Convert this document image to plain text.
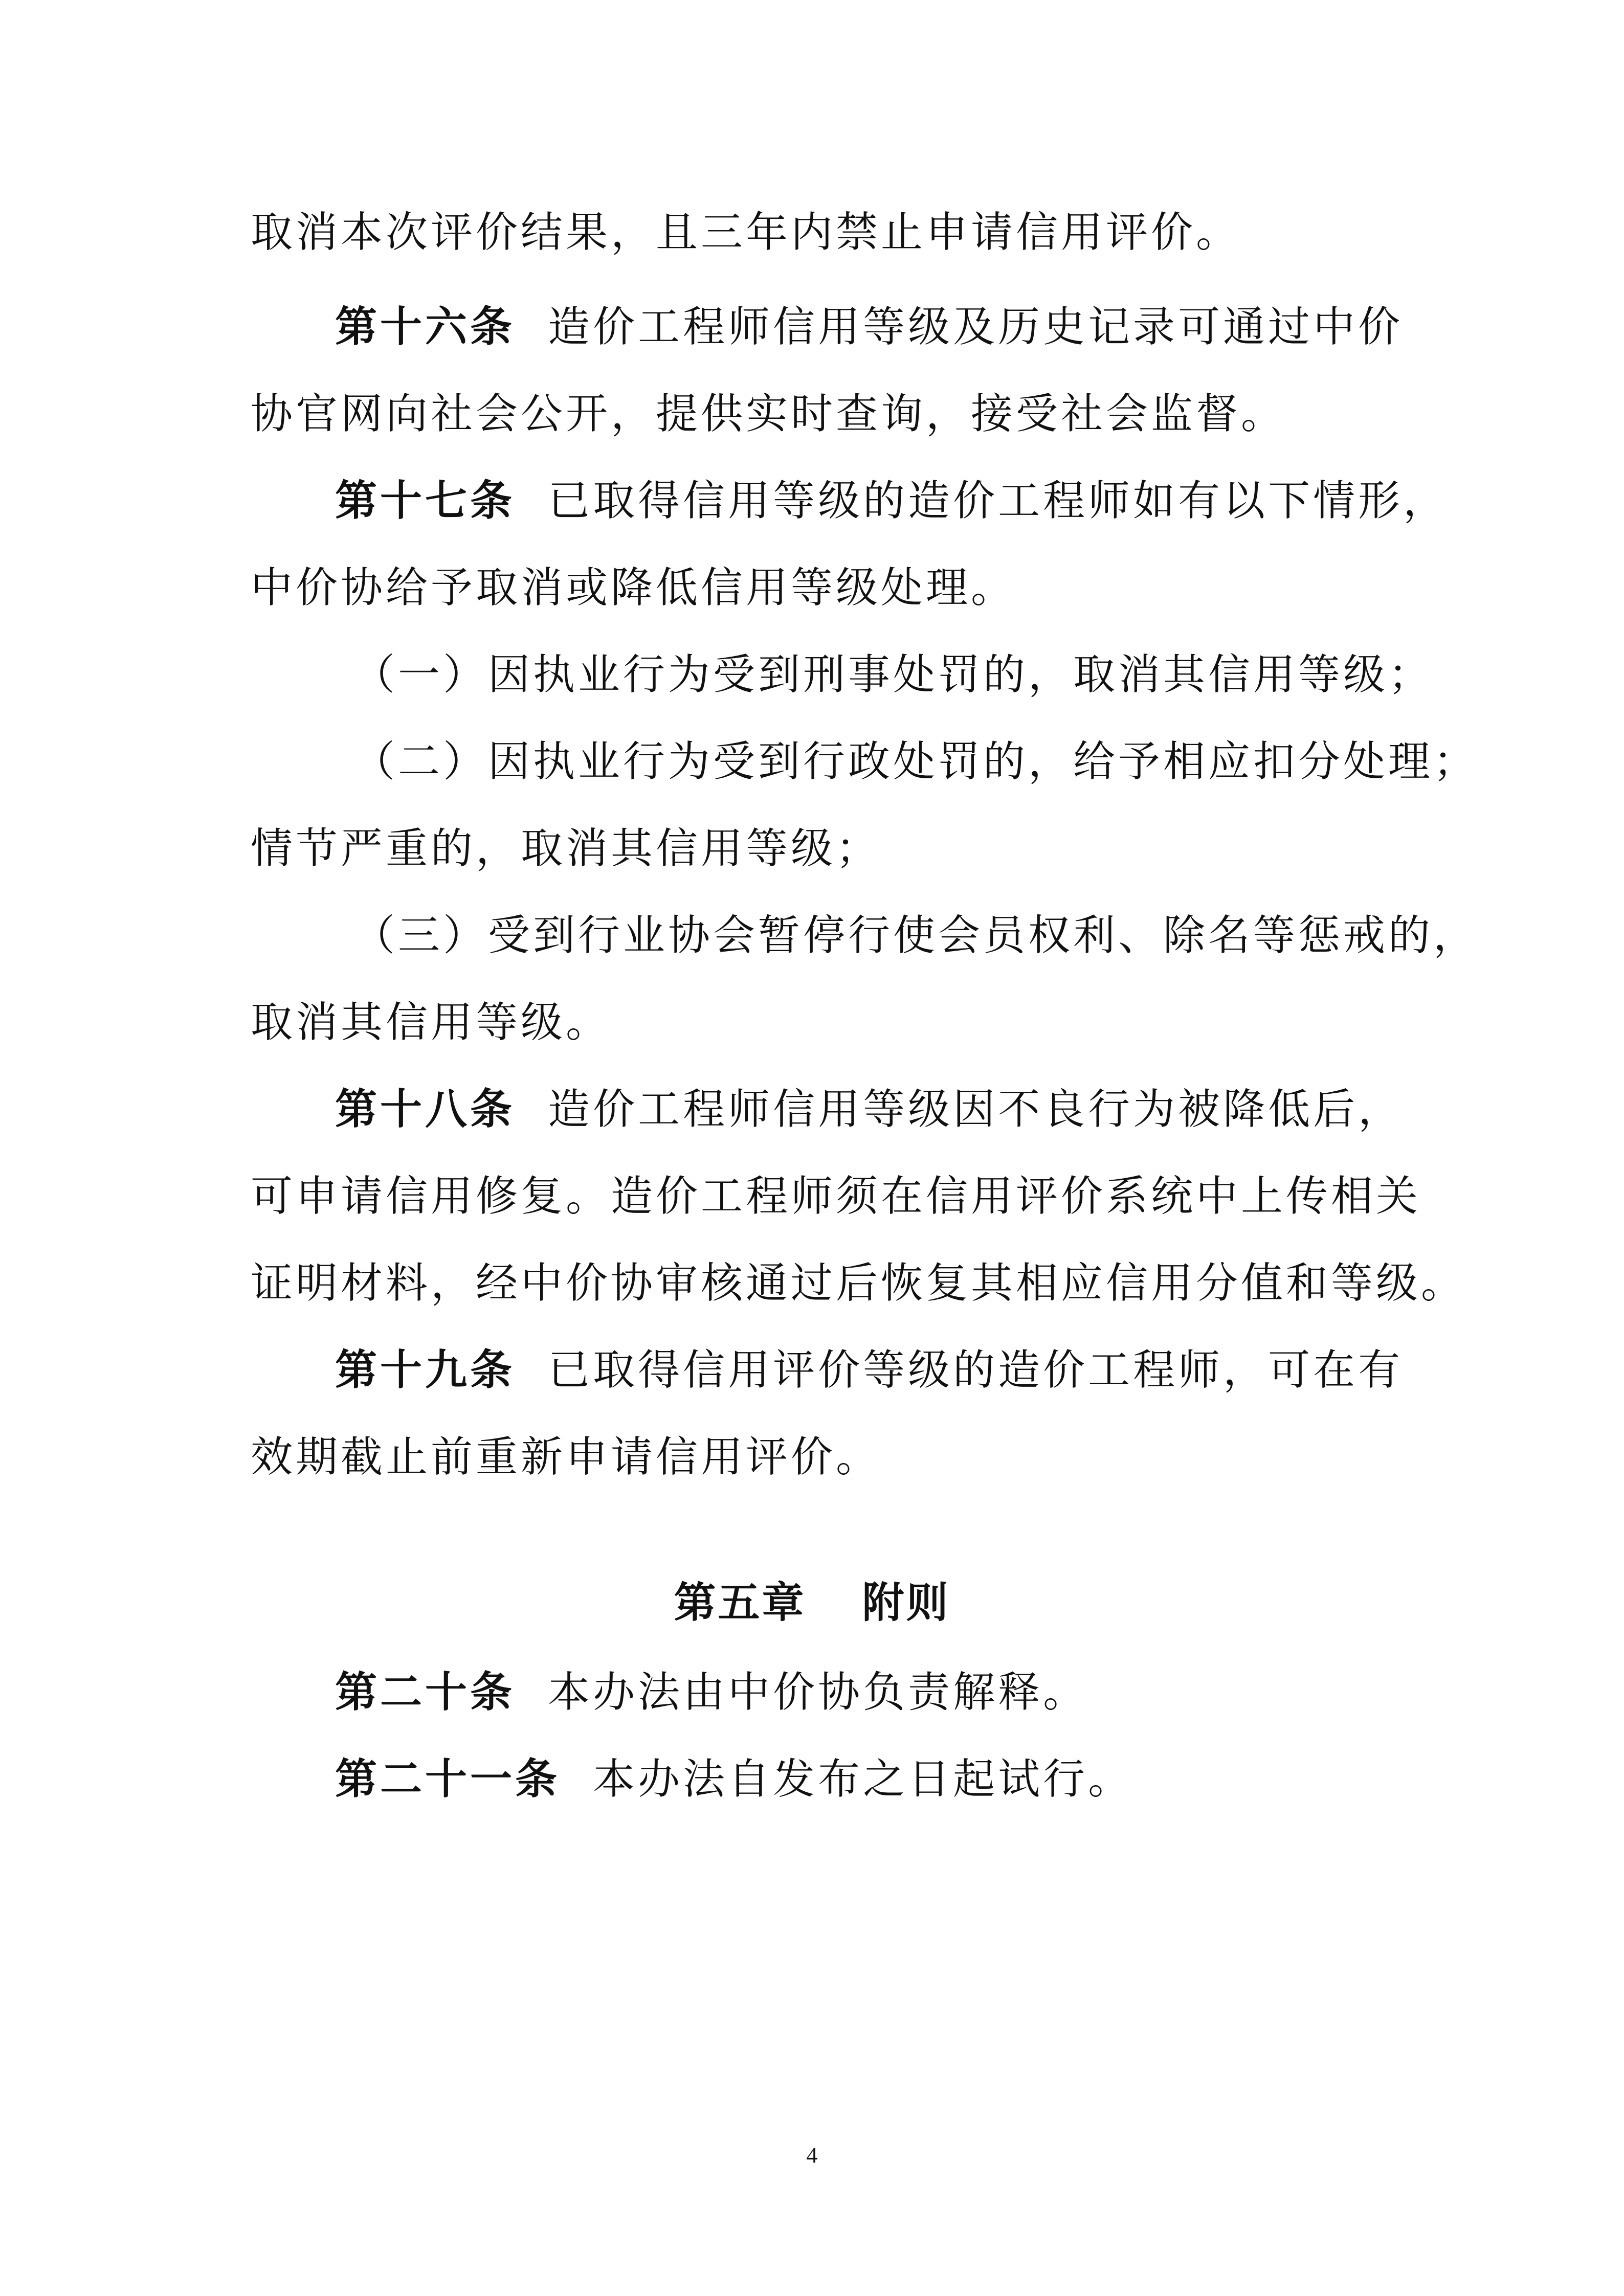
取消本次评价结果，且三年内禁止申请信用评价。
第十六条 造价工程师信用等级及历史记录可通过中价
协官网向社会公开，提供实时查询，接受社会监督。
第十七条 已取得信用等级的造价工程师如有以下情形，
中价协给予取消或降低信用等级处理。
（一）因执业行为受到刑事处罚的，取消其信用等级；
（二）因执业行为受到行政处罚的，给予相应扣分处理；
情节严重的，取消其信用等级；
（三）受到行业协会暂停行使会员权利、除名等惩戒的，
取消其信用等级。
第十八条 造价工程师信用等级因不良行为被降低后，
可申请信用修复。造价工程师须在信用评价系统中上传相关
证明材料，经中价协审核通过后恢复其相应信用分值和等级。
第十九条 已取得信用评价等级的造价工程师，可在有
效期截止前重新申请信用评价。
第五章 附则
第二十条 本办法由中价协负责解释。
第二十一条 本办法自发布之日起试行。
4
